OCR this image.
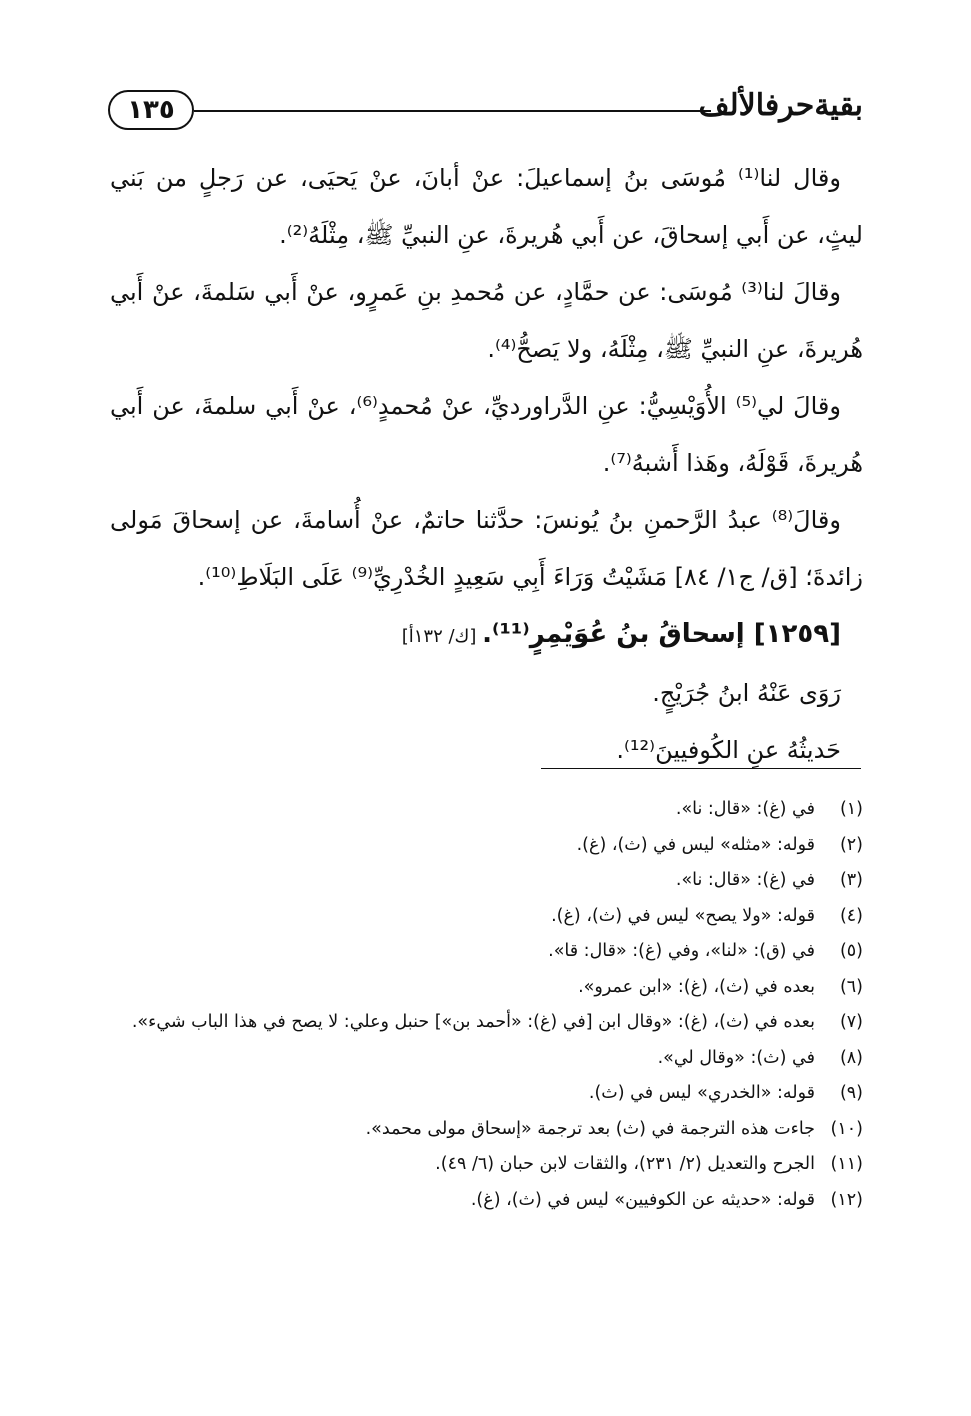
بقيةحرفالألف
١٣٥

وقال لنا⁽¹⁾ مُوسَى بنُ إسماعيلَ: عنْ أبانَ، عنْ يَحيَى، عن رَجلٍ من بَني ليثٍ، عن أَبي إسحاقَ، عن أَبي هُريرةَ، عنِ النبيِّ ﷺ، مِثْلَهُ⁽²⁾.

وقالَ لنا⁽³⁾ مُوسَى: عن حمَّادٍ، عن مُحمدِ بنِ عَمرٍو، عنْ أَبي سَلمةَ، عنْ أَبي هُريرةَ، عنِ النبيِّ ﷺ، مِثْلَهُ، ولا يَصحُّ⁽⁴⁾.

وقالَ لي⁽⁵⁾ الأُوَيْسِيُّ: عنِ الدَّراورديِّ، عنْ مُحمدٍ⁽⁶⁾، عنْ أَبي سلمةَ، عن أَبي هُريرةَ، قَوْلَهُ، وهَذا أَشبهُ⁽⁷⁾.

وقالَ⁽⁸⁾ عبدُ الرَّحمنِ بنُ يُونسَ: حدَّثنا حاتمٌ، عنْ أُسامةَ، عن إسحاقَ مَولى زائدةَ؛ [ق/ ج١/ ٨٤] مَشَيْتُ وَرَاءَ أَبِي سَعِيدٍ الخُدْرِيِّ⁽⁹⁾ عَلَى البَلَاطِ⁽¹⁰⁾.

[١٢٥٩] إسحاقُ بنُ عُوَيْمِرٍ⁽¹¹⁾. [ك/ ١٣٢أ]

رَوَى عَنْهُ ابنُ جُرَيْجٍ.

حَديثُهُ عنِ الكُوفيينَ⁽¹²⁾.

(١)
في (غ): «قال: نا».
(٢)
قوله: «مثله» ليس في (ث)، (غ).
(٣)
في (غ): «قال: نا».
(٤)
قوله: «ولا يصح» ليس في (ث)، (غ).
(٥)
في (ق): «لنا»، وفي (غ): «قال: قا».
(٦)
بعده في (ث)، (غ): «ابن عمرو».
(٧)
بعده في (ث)، (غ): «وقال ابن [في (غ): «أحمد بن»] حنبل وعلي: لا يصح في هذا الباب شيء».
(٨)
في (ث): «وقال لي».
(٩)
قوله: «الخدري» ليس في (ث).
(١٠)
جاءت هذه الترجمة في (ث) بعد ترجمة «إسحاق مولى محمد».
(١١)
الجرح والتعديل (٢/ ٢٣١)، والثقات لابن حبان (٦/ ٤٩).
(١٢)
قوله: «حديثه عن الكوفيين» ليس في (ث)، (غ).
